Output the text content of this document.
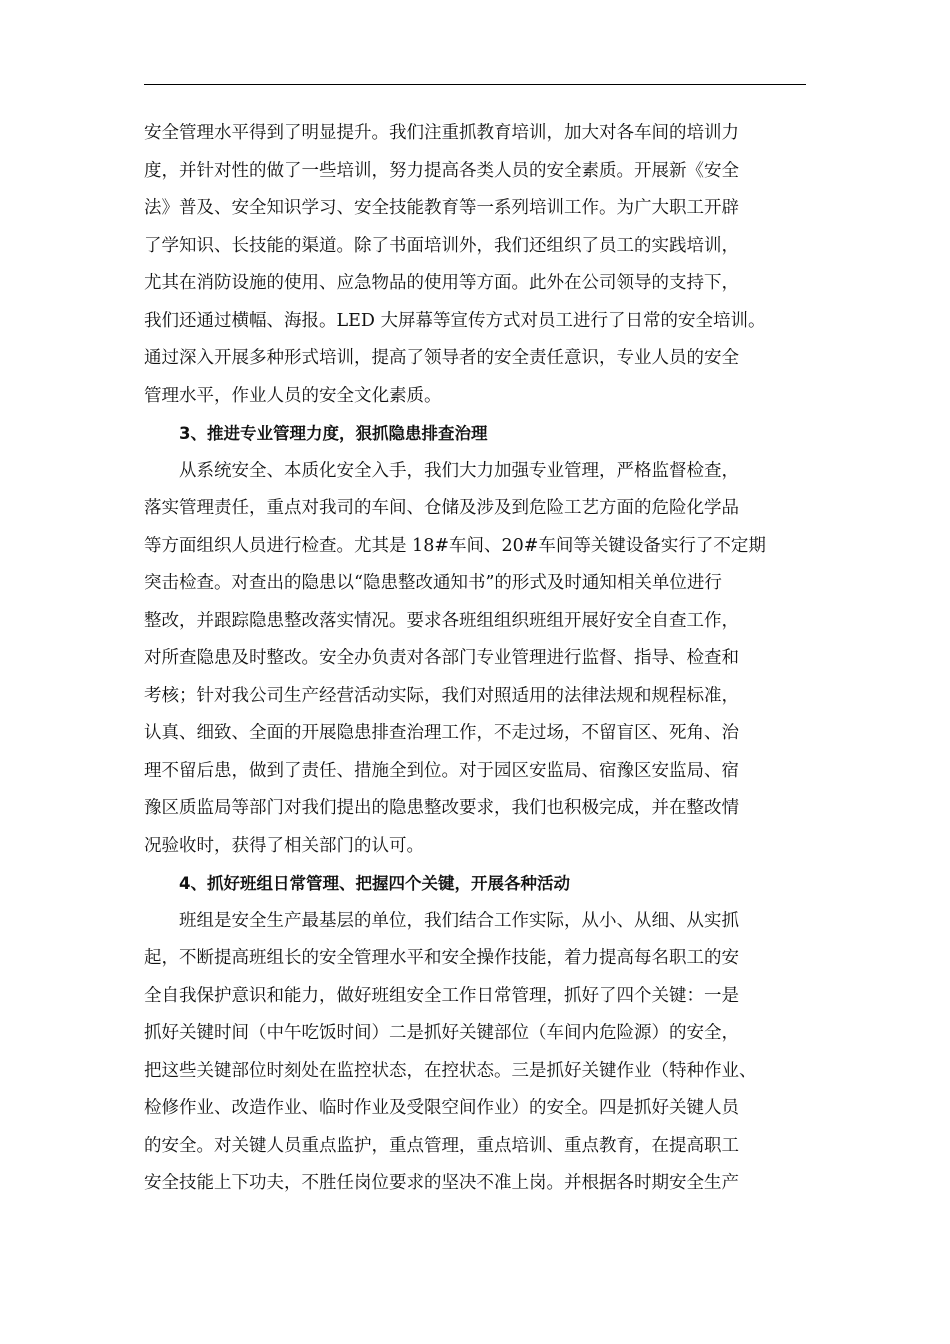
安全管理水平得到了明显提升。我们注重抓教育培训，加大对各车间的培训力
度，并针对性的做了一些培训，努力提高各类人员的安全素质。开展新《安全
法》普及、安全知识学习、安全技能教育等一系列培训工作。为广大职工开辟
了学知识、长技能的渠道。除了书面培训外，我们还组织了员工的实践培训，
尤其在消防设施的使用、应急物品的使用等方面。此外在公司领导的支持下，
我们还通过横幅、海报。LED 大屏幕等宣传方式对员工进行了日常的安全培训。
通过深入开展多种形式培训，提高了领导者的安全责任意识，专业人员的安全
管理水平，作业人员的安全文化素质。
3、推进专业管理力度，狠抓隐患排查治理
从系统安全、本质化安全入手，我们大力加强专业管理，严格监督检查，
落实管理责任，重点对我司的车间、仓储及涉及到危险工艺方面的危险化学品
等方面组织人员进行检查。尤其是 18#车间、20#车间等关键设备实行了不定期
突击检查。对查出的隐患以“隐患整改通知书”的形式及时通知相关单位进行
整改，并跟踪隐患整改落实情况。要求各班组组织班组开展好安全自查工作，
对所查隐患及时整改。安全办负责对各部门专业管理进行监督、指导、检查和
考核；针对我公司生产经营活动实际，我们对照适用的法律法规和规程标准，
认真、细致、全面的开展隐患排查治理工作，不走过场，不留盲区、死角、治
理不留后患，做到了责任、措施全到位。对于园区安监局、宿豫区安监局、宿
豫区质监局等部门对我们提出的隐患整改要求，我们也积极完成，并在整改情
况验收时，获得了相关部门的认可。
4、抓好班组日常管理、把握四个关键，开展各种活动
班组是安全生产最基层的单位，我们结合工作实际，从小、从细、从实抓
起，不断提高班组长的安全管理水平和安全操作技能，着力提高每名职工的安
全自我保护意识和能力，做好班组安全工作日常管理，抓好了四个关键：一是
抓好关键时间（中午吃饭时间）二是抓好关键部位（车间内危险源）的安全，
把这些关键部位时刻处在监控状态，在控状态。三是抓好关键作业（特种作业、
检修作业、改造作业、临时作业及受限空间作业）的安全。四是抓好关键人员
的安全。对关键人员重点监护，重点管理，重点培训、重点教育，在提高职工
安全技能上下功夫，不胜任岗位要求的坚决不准上岗。并根据各时期安全生产
